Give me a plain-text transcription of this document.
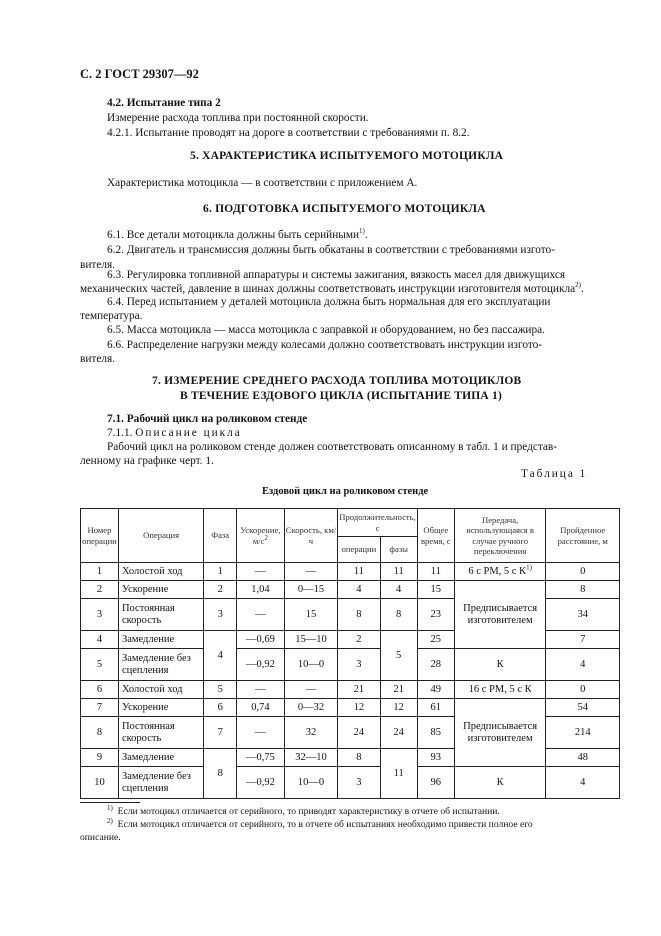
С. 2 ГОСТ 29307—92
4.2. Испытание типа 2
Измерение расхода топлива при постоянной скорости.
4.2.1. Испытание проводят на дороге в соответствии с требованиями п. 8.2.
5. ХАРАКТЕРИСТИКА ИСПЫТУЕМОГО МОТОЦИКЛА
Характеристика мотоцикла — в соответствии с приложением А.
6. ПОДГОТОВКА ИСПЫТУЕМОГО МОТОЦИКЛА
6.1. Все детали мотоцикла должны быть серийными$^{1)}$.
6.2. Двигатель и трансмиссия должны быть обкатаны в соответствии с требованиями изгото-
вителя.
6.3. Регулировка топливной аппаратуры и системы зажигания, вязкость масел для движущихся
механических частей, давление в шинах должны соответствовать инструкции изготовителя мотоцикла$^{2)}$.
6.4. Перед испытанием у деталей мотоцикла должна быть нормальная для его эксплуатации
температура.
6.5. Масса мотоцикла — масса мотоцикла с заправкой и оборудованием, но без пассажира.
6.6. Распределение нагрузки между колесами должно соответствовать инструкции изгото-
вителя.
7. ИЗМЕРЕНИЕ СРЕДНЕГО РАСХОДА ТОПЛИВА МОТОЦИКЛОВ
В ТЕЧЕНИЕ ЕЗДОВОГО ЦИКЛА (ИСПЫТАНИЕ ТИПА 1)
7.1. Рабочий цикл на роликовом стенде
7.1.1. Описание цикла
Рабочий цикл на роликовом стенде должен соответствовать описанному в табл. 1 и представ-
ленному на графике черт. 1.
Таблица 1
Ездовой цикл на роликовом стенде
Номер операции	Операция	Фаза	Ускорение, $м/с^2$	Скорость, км/ч	Продолжительность, с		Общее время, с	Передача, использующаяся в случае ручного переключения	Пройденное расстояние, м
					операции	фазы			
1	Холостой ход	1	—	—	11	11	11	6 с РМ, 5 с $К^{1)}$	0
2	Ускорение	2	1,04	0—15	4	4	15	Предписывается изготовителем	8
3	Постоянная скорость	3	—	15	8	8	23		34
4	Замедление	4	—0,69	15—10	2	5	25		7
5	Замедление без сцепления		—0,92	10—0	3		28	К	4
6	Холостой ход	5	—	—	21	21	49	16 с РМ, 5 с К	0
7	Ускорение	6	0,74	0—32	12	12	61	Предписывается изготовителем	54
8	Постоянная скорость	7	—	32	24	24	85		214
9	Замедление	8	—0,75	32—10	8	11	93		48
10	Замедление без сцепления		—0,92	10—0	3		96	К	4
$^{1)}$ Если мотоцикл отличается от серийного, то приводят характеристику в отчете об испытании.
$^{2)}$ Если мотоцикл отличается от серийного, то в отчете об испытаниях необходимо привести полное его
описание.
